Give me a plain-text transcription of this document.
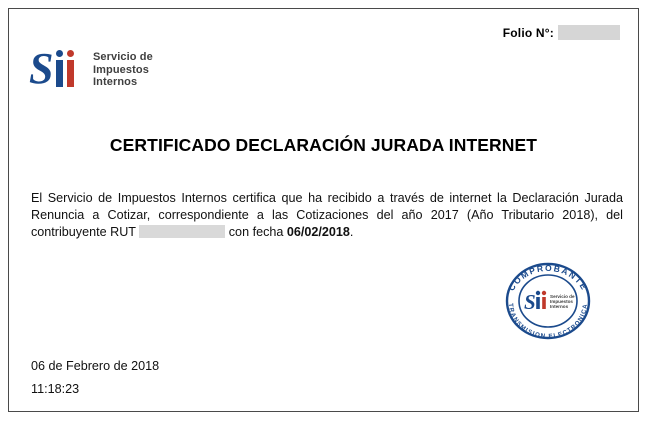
Folio N°:
S	Servicio de
Impuestos
Internos
CERTIFICADO DECLARACIÓN JURADA INTERNET
El Servicio de Impuestos Internos certifica que ha recibido a través de internet la Declaración Jurada Renuncia a Cotizar, correspondiente a las Cotizaciones del año 2017 (Año Tributario 2018), del contribuyente RUT	con fecha 06/02/2018.
COMPROBANTE
TRANSMISION ELECTRONICA
S	Servicio de
Impuestos
Internos
06 de Febrero de 2018
11:18:23
